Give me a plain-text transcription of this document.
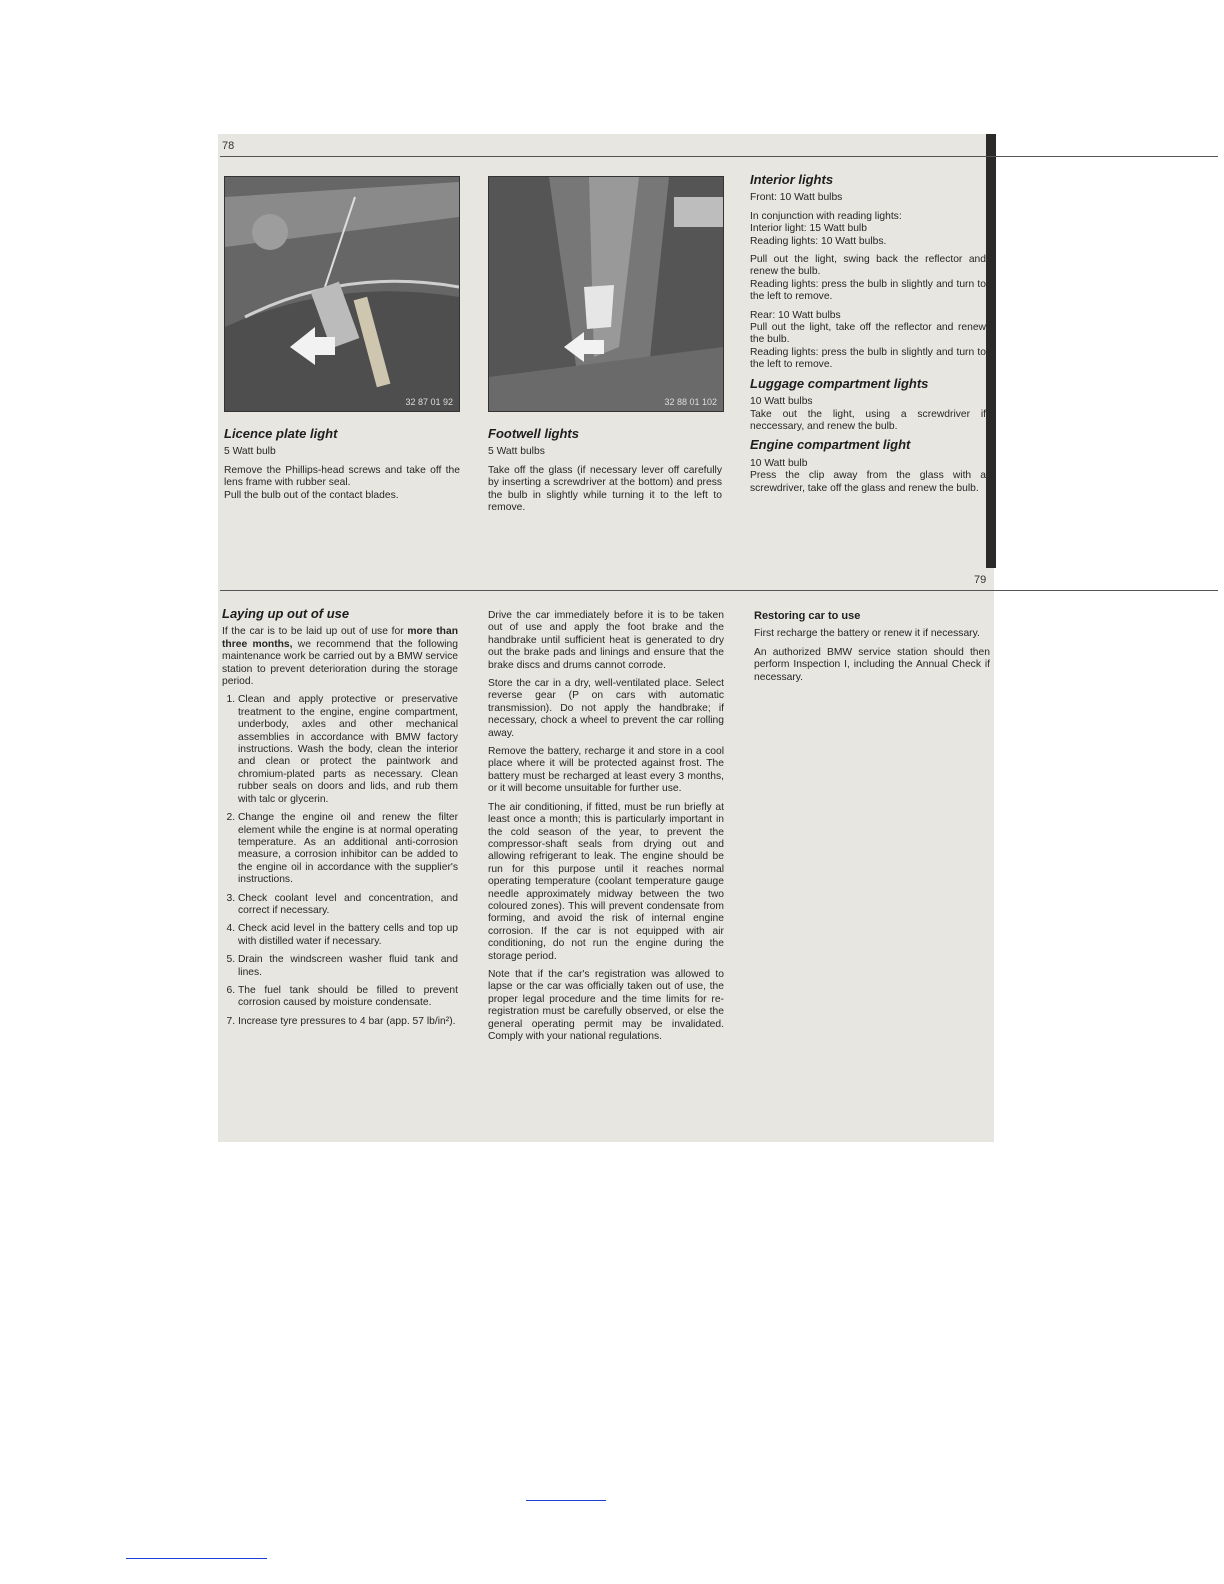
78
32 87 01 92	32 88 01 102
Licence plate light

5 Watt bulb

Remove the Phillips-head screws and take off the lens frame with rubber seal.
Pull the bulb out of the contact blades.

Footwell lights

5 Watt bulbs

Take off the glass (if necessary lever off carefully by inserting a screwdriver at the bottom) and press the bulb in slightly while turning it to the left to remove.

Interior lights

Front: 10 Watt bulbs

In conjunction with reading lights:
Interior light: 15 Watt bulb
Reading lights: 10 Watt bulbs.

Pull out the light, swing back the reflector and renew the bulb.
Reading lights: press the bulb in slightly and turn to the left to remove.

Rear: 10 Watt bulbs
Pull out the light, take off the reflector and renew the bulb.
Reading lights: press the bulb in slightly and turn to the left to remove.

Luggage compartment lights

10 Watt bulbs
Take out the light, using a screwdriver if neccessary, and renew the bulb.

Engine compartment light

10 Watt bulb
Press the clip away from the glass with a screwdriver, take off the glass and renew the bulb.

79
Laying up out of use

If the car is to be laid up out of use for more than three months, we recommend that the following maintenance work be carried out by a BMW service station to prevent deterioration during the storage period.

1. Clean and apply protective or preservative treatment to the engine, engine compartment, underbody, axles and other mechanical assemblies in accordance with BMW factory instructions. Wash the body, clean the interior and clean or protect the paintwork and chromium-plated parts as necessary. Clean rubber seals on doors and lids, and rub them with talc or glycerin.
2. Change the engine oil and renew the filter element while the engine is at normal operating temperature. As an additional anti-corrosion measure, a corrosion inhibitor can be added to the engine oil in accordance with the supplier's instructions.
3. Check coolant level and concentration, and correct if necessary.
4. Check acid level in the battery cells and top up with distilled water if necessary.
5. Drain the windscreen washer fluid tank and lines.
6. The fuel tank should be filled to prevent corrosion caused by moisture condensate.
7. Increase tyre pressures to 4 bar (app. 57 lb/in²).

Drive the car immediately before it is to be taken out of use and apply the foot brake and the handbrake until sufficient heat is generated to dry out the brake pads and linings and ensure that the brake discs and drums cannot corrode.

Store the car in a dry, well-ventilated place. Select reverse gear (P on cars with automatic transmission). Do not apply the handbrake; if necessary, chock a wheel to prevent the car rolling away.

Remove the battery, recharge it and store in a cool place where it will be protected against frost. The battery must be recharged at least every 3 months, or it will become unsuitable for further use.

The air conditioning, if fitted, must be run briefly at least once a month; this is particularly important in the cold season of the year, to prevent the compressor-shaft seals from drying out and allowing refrigerant to leak. The engine should be run for this purpose until it reaches normal operating temperature (coolant temperature gauge needle approximately midway between the two coloured zones). This will prevent condensate from forming, and avoid the risk of internal engine corrosion. If the car is not equipped with air conditioning, do not run the engine during the storage period.

Note that if the car's registration was allowed to lapse or the car was officially taken out of use, the proper legal procedure and the time limits for re-registration must be carefully observed, or else the general operating permit may be invalidated. Comply with your national regulations.

Restoring car to use

First recharge the battery or renew it if necessary.

An authorized BMW service station should then perform Inspection I, including the Annual Check if necessary.
